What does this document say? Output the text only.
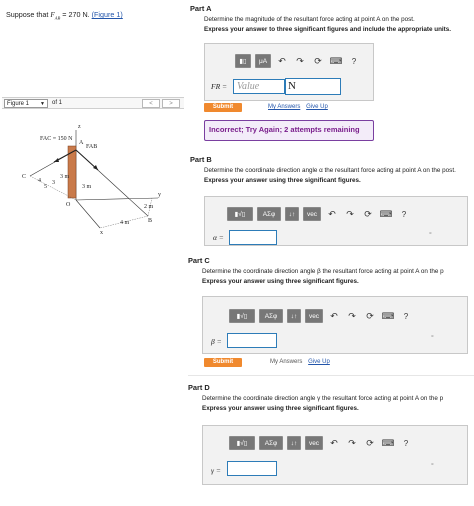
Suppose that $F_{AB} = 270$ N. (Figure 1)
Figure 1 ▼ of 1	<	>
z
y
x
FAC = 150 N
FAB
A
C
B
O
3 m
3 m
2 m
4 m
5
4 3
Part A
Determine the magnitude of the resultant force acting at point A on the post.
Express your answer to three significant figures and include the appropriate units.
▮▯	μA	↶	↷	⟳ ⌨	?
FR = Value	N
Submit	My Answers Give Up
Incorrect; Try Again; 2 attempts remaining
Part B
Determine the coordinate direction angle α the resultant force acting at point A on the post.
Express your answer using three significant figures.
▮√▯	ΑΣφ	↓↑	vec	↶	↷	⟳ ⌨	?
α =	°
Part C
Determine the coordinate direction angle β the resultant force acting at point A on the p
Express your answer using three significant figures.
▮√▯	ΑΣφ	↓↑	vec	↶	↷	⟳ ⌨	?
β =	°
Submit	My Answers Give Up
Part D
Determine the coordinate direction angle γ the resultant force acting at point A on the p
Express your answer using three significant figures.
▮√▯	ΑΣφ	↓↑	vec	↶	↷	⟳ ⌨	?
γ =	°
